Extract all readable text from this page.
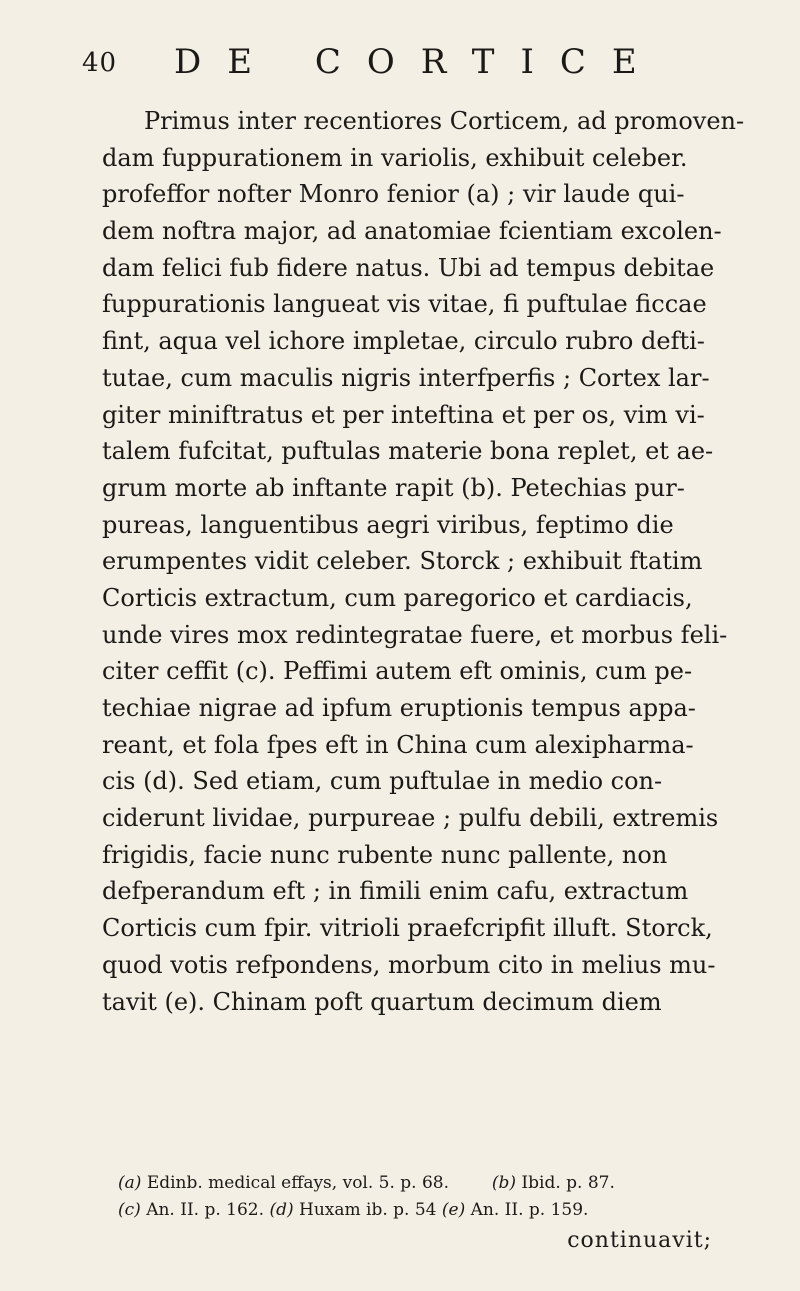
40 DE CORTICE
Primus inter recentiores Corticem, ad promoven-
dam fuppurationem in variolis, exhibuit celeber.
profeffor nofter Monro fenior (a) ; vir laude qui-
dem noftra major, ad anatomiae fcientiam excolen-
dam felici fub fidere natus. Ubi ad tempus debitae
fuppurationis langueat vis vitae, fi puftulae ficcae
fint, aqua vel ichore impletae, circulo rubro defti-
tutae, cum maculis nigris interfperfis ; Cortex lar-
giter miniftratus et per inteftina et per os, vim vi-
talem fufcitat, puftulas materie bona replet, et ae-
grum morte ab inftante rapit (b). Petechias pur-
pureas, languentibus aegri viribus, feptimo die
erumpentes vidit celeber. Storck ; exhibuit ftatim
Corticis extractum, cum paregorico et cardiacis,
unde vires mox redintegratae fuere, et morbus feli-
citer ceffit (c). Peffimi autem eft ominis, cum pe-
techiae nigrae ad ipfum eruptionis tempus appa-
reant, et fola fpes eft in China cum alexipharma-
cis (d). Sed etiam, cum puftulae in medio con-
ciderunt lividae, purpureae ; pulfu debili, extremis
frigidis, facie nunc rubente nunc pallente, non
defperandum eft ; in fimili enim cafu, extractum
Corticis cum fpir. vitrioli praefcripfit illuft. Storck,
quod votis refpondens, morbum cito in melius mu-
tavit (e). Chinam poft quartum decimum diem
(a) Edinb. medical effays, vol. 5. p. 68.	(b) Ibid. p. 87.
(c) An. II. p. 162. (d) Huxam ib. p. 54 (e) An. II. p. 159.
continuavit;
